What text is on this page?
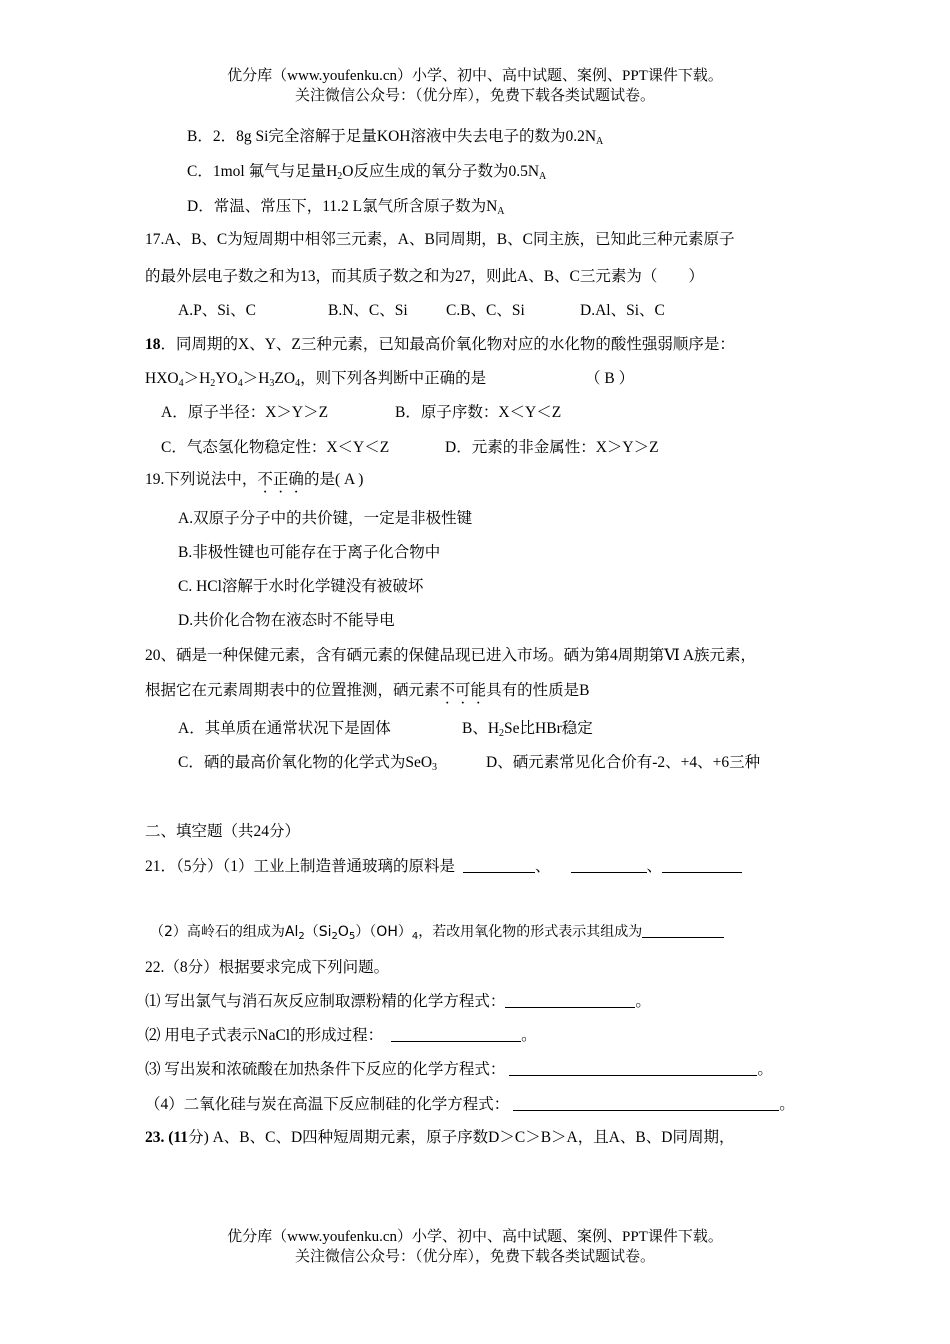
优分库（www.youfenku.cn）小学、初中、高中试题、案例、PPT课件下载。
关注微信公众号：（优分库），免费下载各类试题试卷。
B．2．8g Si完全溶解于足量KOH溶液中失去电子的数为$0.2N_A$
C．1mol 氟气与足量$H_2O$反应生成的氧分子数为$0.5N_A$
D．常温、常压下，11.2 L氯气所含原子数为$N_A$
17.A、B、C为短周期中相邻三元素，A、B同周期，B、C同主族，已知此三种元素原子
的最外层电子数之和为13，而其质子数之和为27，则此A、B、C三元素为（　　）
A.P、Si、C	B.N、C、Si C.B、C、Si	D.Al、Si、C
18．同周期的X、Y、Z三种元素，已知最高价氧化物对应的水化物的酸性强弱顺序是：
$HXO_4>H_2YO_4>H_3ZO_4$，则下列各判断中正确的是	（ B ）
A．原子半径：X＞Y＞Z	B．原子序数：X＜Y＜Z
C．气态氢化物稳定性：X＜Y＜Z	D．元素的非金属性：X＞Y＞Z
19.下列说法中，不正确的是( A )
A.双原子分子中的共价键，一定是非极性键
B.非极性键也可能存在于离子化合物中
C. HCl溶解于水时化学键没有被破坏
D.共价化合物在液态时不能导电
20、硒是一种保健元素，含有硒元素的保健品现已进入市场。硒为第4周期第Ⅵ A族元素，
根据它在元素周期表中的位置推测，硒元素不可能具有的性质是B
A．其单质在通常状况下是固体	B、$H_2Se$比HBr稳定
C．硒的最高价氧化物的化学式为SeO$_3$	D、硒元素常见化合价有-2、+4、+6三种
二、填空题（共24分）
21．（5分）（1）工业上制造普通玻璃的原料是	、	、
（2）高岭石的组成为$Al_2(Si_2O_5)(OH)_4$，若改用氧化物的形式表示其组成为
22.（8分）根据要求完成下列问题。
⑴ 写出氯气与消石灰反应制取漂粉精的化学方程式：	。
⑵ 用电子式表示NaCl的形成过程：	。
⑶ 写出炭和浓硫酸在加热条件下反应的化学方程式：	。
（4）二氧化硅与炭在高温下反应制硅的化学方程式：	。
23. (11分) A、B、C、D四种短周期元素，原子序数D＞C＞B＞A，且A、B、D同周期，
优分库（www.youfenku.cn）小学、初中、高中试题、案例、PPT课件下载。
关注微信公众号：（优分库），免费下载各类试题试卷。
